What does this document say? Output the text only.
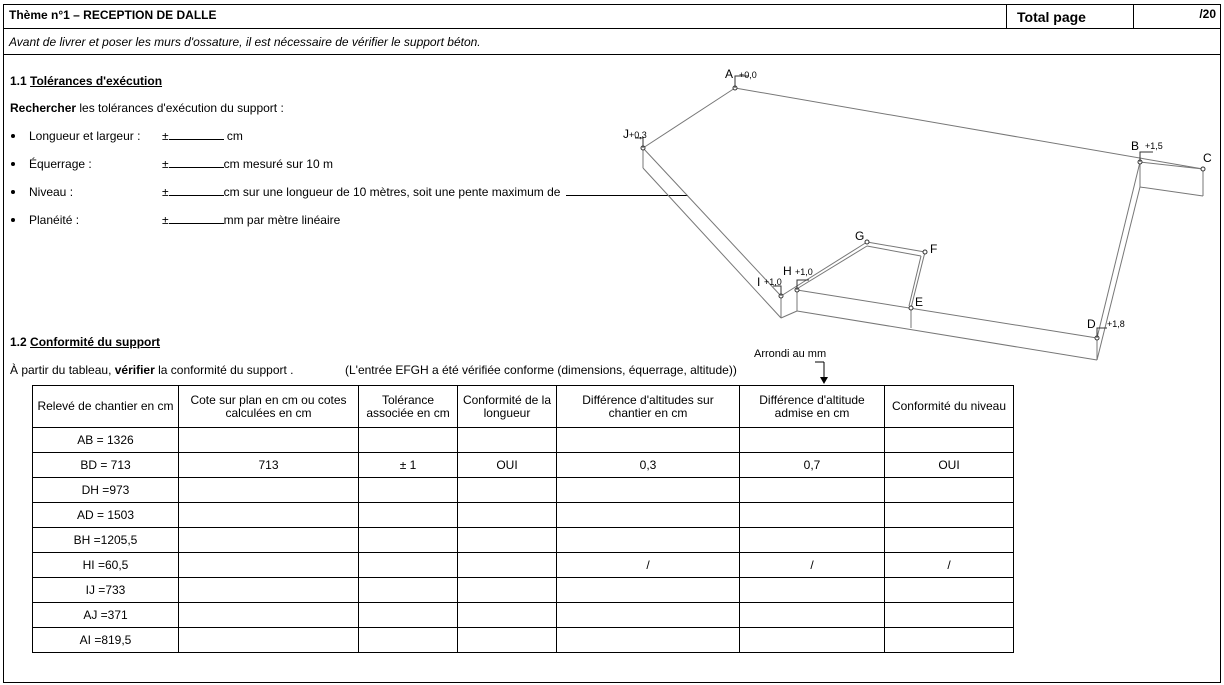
Thème n°1 – RECEPTION DE DALLE	Total page	/20
Avant de livrer et poser les murs d'ossature, il est nécessaire de vérifier le support béton.
1.1 Tolérances d'exécution
Rechercher les tolérances d'exécution du support :
Longueur et largeur : ±	cm
Équerrage :	±	cm mesuré sur 10 m
Niveau :	±	cm sur une longueur de 10 mètres, soit une pente maximum de
Planéité :	±	mm par mètre linéaire
1.2 Conformité du support
À partir du tableau, vérifier la conformité du support .	(L'entrée EFGH a été vérifiée conforme (dimensions, équerrage, altitude))
Arrondi au mm
Relevé de chantier en cm	Cote sur plan en cm ou cotes calculées en cm	Tolérance associée en cm	Conformité de la longueur	Différence d'altitudes sur chantier en cm	Différence d'altitude admise en cm	Conformité du niveau
AB = 1326						
BD = 713	713	± 1	OUI	0,3	0,7	OUI
DH =973						
AD = 1503						
BH =1205,5						
HI =60,5				/	/	/
IJ =733						
AJ =371						
AI =819,5						
A +0,0
J +0,3
B +1,5
C
D +1,8
E
F
G
H +1,0
I +1,0
